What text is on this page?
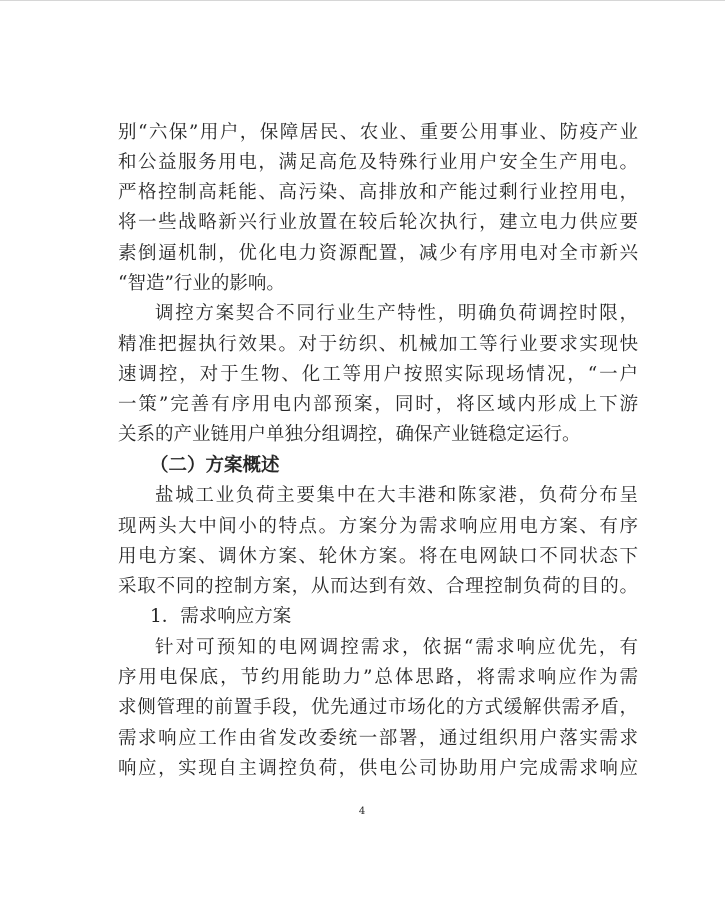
别“六保”用户，保障居民、农业、重要公用事业、防疫产业
和公益服务用电，满足高危及特殊行业用户安全生产用电。
严格控制高耗能、高污染、高排放和产能过剩行业控用电，
将一些战略新兴行业放置在较后轮次执行，建立电力供应要
素倒逼机制，优化电力资源配置，减少有序用电对全市新兴
“智造”行业的影响。
调控方案契合不同行业生产特性，明确负荷调控时限，
精准把握执行效果。对于纺织、机械加工等行业要求实现快
速调控，对于生物、化工等用户按照实际现场情况，“一户
一策”完善有序用电内部预案，同时，将区域内形成上下游
关系的产业链用户单独分组调控，确保产业链稳定运行。
（二）方案概述
盐城工业负荷主要集中在大丰港和陈家港，负荷分布呈
现两头大中间小的特点。方案分为需求响应用电方案、有序
用电方案、调休方案、轮休方案。将在电网缺口不同状态下
采取不同的控制方案，从而达到有效、合理控制负荷的目的。
1．需求响应方案
针对可预知的电网调控需求，依据“需求响应优先，有
序用电保底，节约用能助力”总体思路，将需求响应作为需
求侧管理的前置手段，优先通过市场化的方式缓解供需矛盾，
需求响应工作由省发改委统一部署，通过组织用户落实需求
响应，实现自主调控负荷，供电公司协助用户完成需求响应
4
